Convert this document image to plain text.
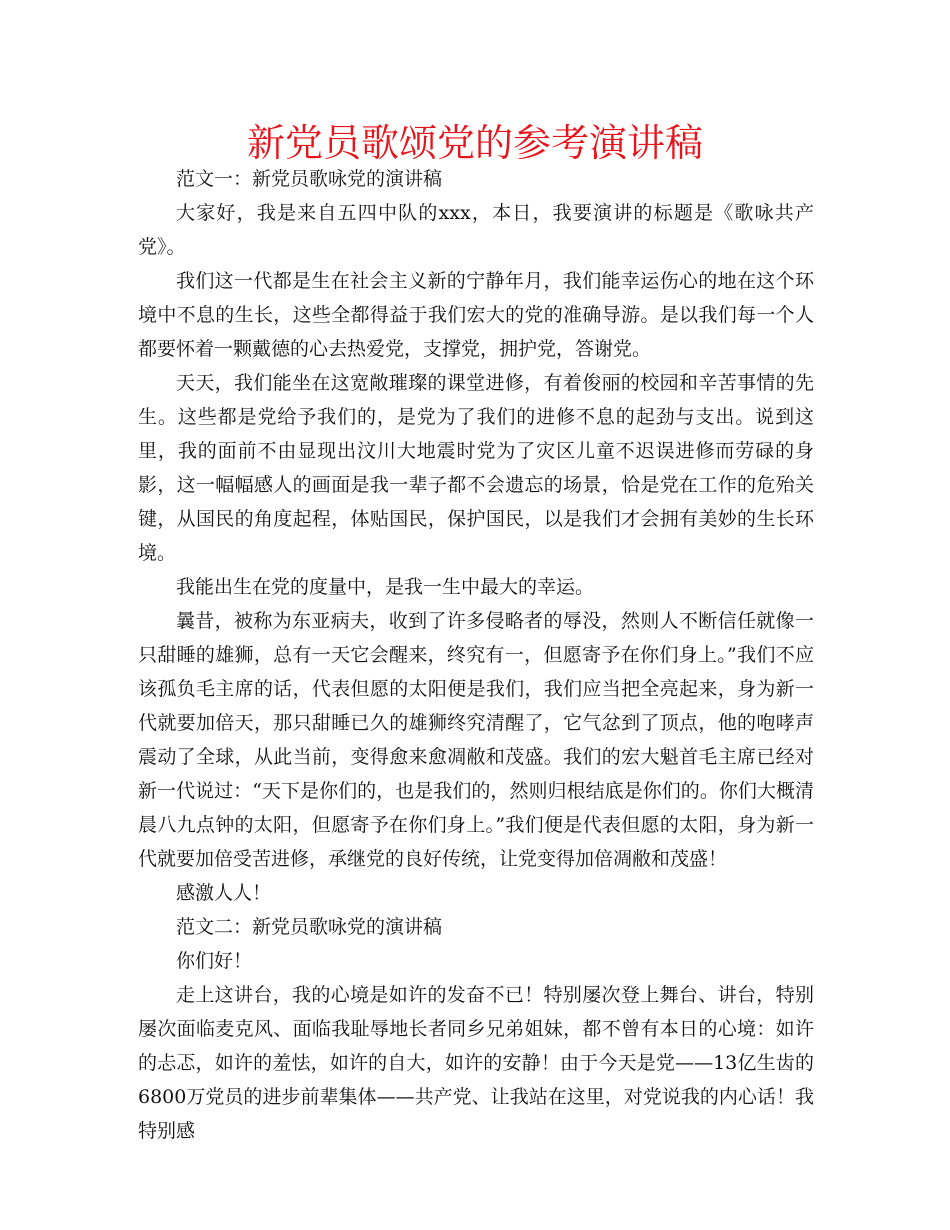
新党员歌颂党的参考演讲稿

范文一：新党员歌咏党的演讲稿

大家好，我是来自五四中队的xxx，本日，我要演讲的标题是《歌咏共产党》。

我们这一代都是生在社会主义新的宁静年月，我们能幸运伤心的地在这个环境中不息的生长，这些全都得益于我们宏大的党的准确导游。是以我们每一个人都要怀着一颗戴德的心去热爱党，支撑党，拥护党，答谢党。

天天，我们能坐在这宽敞璀璨的课堂进修，有着俊丽的校园和辛苦事情的先生。这些都是党给予我们的，是党为了我们的进修不息的起劲与支出。说到这里，我的面前不由显现出汶川大地震时党为了灾区儿童不迟误进修而劳碌的身影，这一幅幅感人的画面是我一辈子都不会遗忘的场景，恰是党在工作的危殆关键，从国民的角度起程，体贴国民，保护国民，以是我们才会拥有美妙的生长环境。

我能出生在党的度量中，是我一生中最大的幸运。

曩昔，被称为东亚病夫，收到了许多侵略者的辱没，然则人不断信任就像一只甜睡的雄狮，总有一天它会醒来，终究有一，但愿寄予在你们身上。”我们不应该孤负毛主席的话，代表但愿的太阳便是我们，我们应当把全亮起来，身为新一代就要加倍天，那只甜睡已久的雄狮终究清醒了，它气忿到了顶点，他的咆哮声震动了全球，从此当前，变得愈来愈凋敝和茂盛。我们的宏大魁首毛主席已经对新一代说过：“天下是你们的，也是我们的，然则归根结底是你们的。你们大概清晨八九点钟的太阳，但愿寄予在你们身上。”我们便是代表但愿的太阳，身为新一代就要加倍受苦进修，承继党的良好传统，让党变得加倍凋敝和茂盛！

感激人人！

范文二：新党员歌咏党的演讲稿

你们好！

走上这讲台，我的心境是如许的发奋不已！特别屡次登上舞台、讲台，特别屡次面临麦克风、面临我耻辱地长者同乡兄弟姐妹，都不曾有本日的心境：如许的忐忑，如许的羞怯，如许的自大，如许的安静！由于今天是党——13亿生齿的6800万党员的进步前辈集体——共产党、让我站在这里，对党说我的内心话！我特别感
